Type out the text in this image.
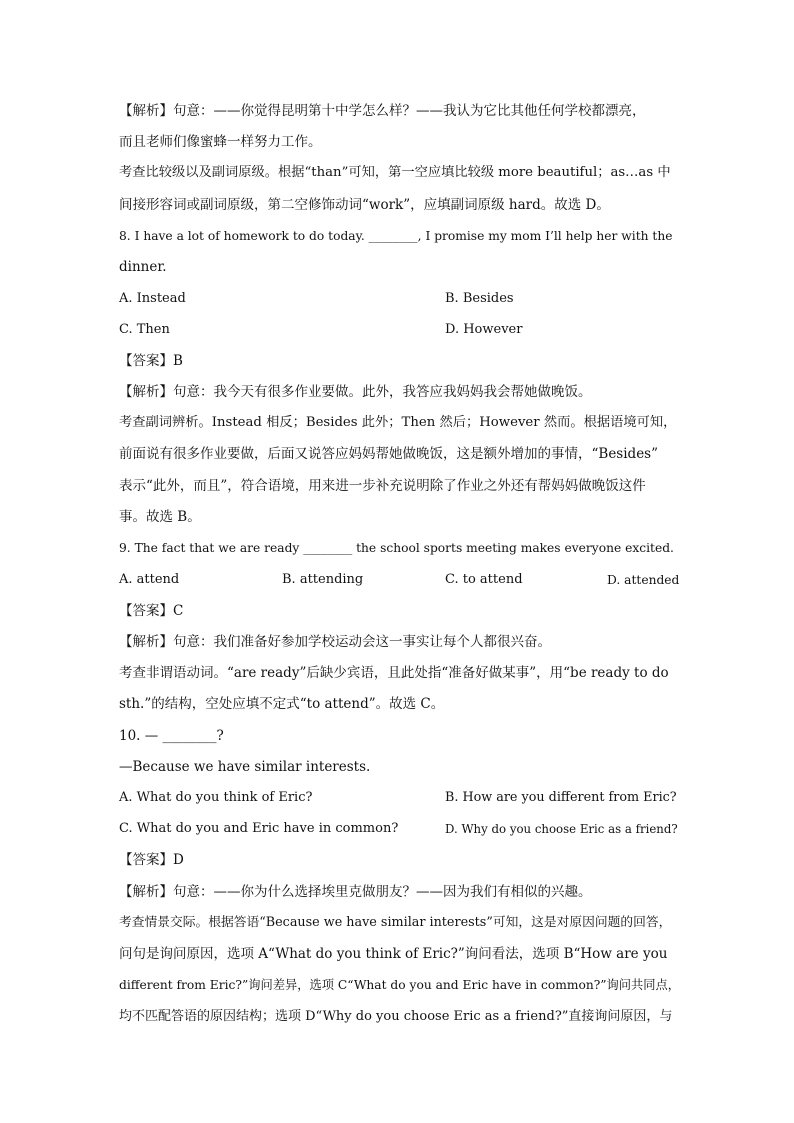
【解析】句意：——你觉得昆明第十中学怎么样？——我认为它比其他任何学校都漂亮，
而且老师们像蜜蜂一样努力工作。
考查比较级以及副词原级。根据“than”可知，第一空应填比较级 more beautiful；as…as 中
间接形容词或副词原级，第二空修饰动词“work”，应填副词原级 hard。故选 D。
8. I have a lot of homework to do today. ________, I promise my mom I’ll help her with the
dinner.
A. Instead	B. Besides
C. Then	D. However
【答案】B
【解析】句意：我今天有很多作业要做。此外，我答应我妈妈我会帮她做晚饭。
考查副词辨析。Instead 相反；Besides 此外；Then 然后；However 然而。根据语境可知，
前面说有很多作业要做，后面又说答应妈妈帮她做晚饭，这是额外增加的事情，“Besides”
表示“此外，而且”，符合语境，用来进一步补充说明除了作业之外还有帮妈妈做晚饭这件
事。故选 B。
9. The fact that we are ready ________ the school sports meeting makes everyone excited.
A. attend	B. attending	C. to attend	D. attended
【答案】C
【解析】句意：我们准备好参加学校运动会这一事实让每个人都很兴奋。
考查非谓语动词。“are ready”后缺少宾语，且此处指“准备好做某事”，用“be ready to do
sth.”的结构，空处应填不定式“to attend”。故选 C。
10. — ________?
—Because we have similar interests.
A. What do you think of Eric?	B. How are you different from Eric?
C. What do you and Eric have in common?	D. Why do you choose Eric as a friend?
【答案】D
【解析】句意：——你为什么选择埃里克做朋友？——因为我们有相似的兴趣。
考查情景交际。根据答语“Because we have similar interests”可知，这是对原因问题的回答，
问句是询问原因，选项 A“What do you think of Eric?”询问看法，选项 B“How are you
different from Eric?”询问差异，选项 C“What do you and Eric have in common?”询问共同点，
均不匹配答语的原因结构；选项 D“Why do you choose Eric as a friend?”直接询问原因，与
